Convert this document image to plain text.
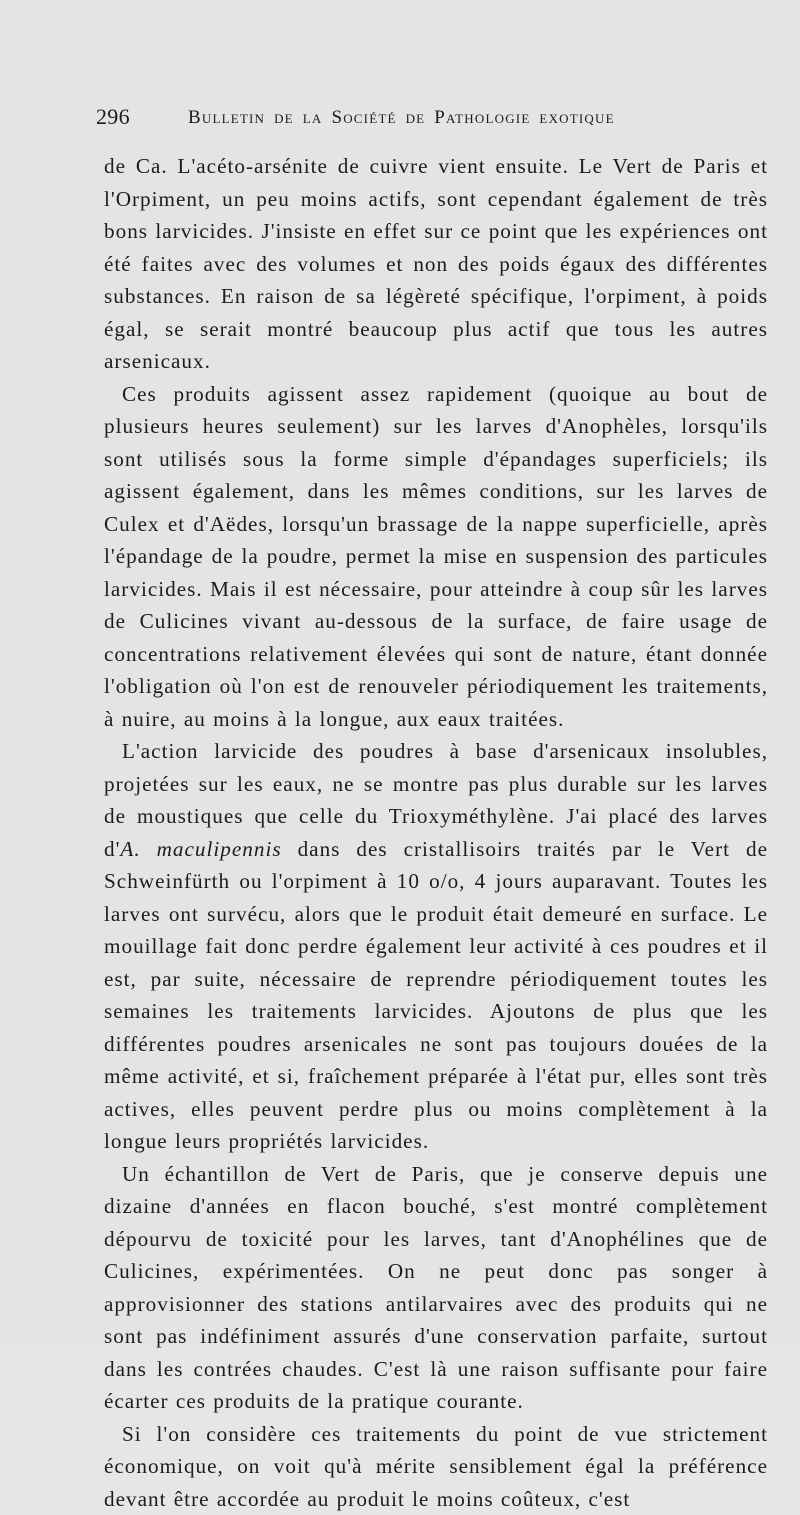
296	Bulletin de la Société de Pathologie exotique

de Ca. L'acéto-arsénite de cuivre vient ensuite. Le Vert de Paris et l'Orpiment, un peu moins actifs, sont cependant également de très bons larvicides. J'insiste en effet sur ce point que les expériences ont été faites avec des volumes et non des poids égaux des différentes substances. En raison de sa légèreté spécifique, l'orpiment, à poids égal, se serait montré beaucoup plus actif que tous les autres arsenicaux.

Ces produits agissent assez rapidement (quoique au bout de plusieurs heures seulement) sur les larves d'Anophèles, lorsqu'ils sont utilisés sous la forme simple d'épandages superficiels; ils agissent également, dans les mêmes conditions, sur les larves de Culex et d'Aëdes, lorsqu'un brassage de la nappe superficielle, après l'épandage de la poudre, permet la mise en suspension des particules larvicides. Mais il est nécessaire, pour atteindre à coup sûr les larves de Culicines vivant au-dessous de la surface, de faire usage de concentrations relativement élevées qui sont de nature, étant donnée l'obligation où l'on est de renouveler périodiquement les traitements, à nuire, au moins à la longue, aux eaux traitées.

L'action larvicide des poudres à base d'arsenicaux insolubles, projetées sur les eaux, ne se montre pas plus durable sur les larves de moustiques que celle du Trioxyméthylène. J'ai placé des larves d'A. maculipennis dans des cristallisoirs traités par le Vert de Schweinfürth ou l'orpiment à 10 o/o, 4 jours auparavant. Toutes les larves ont survécu, alors que le produit était demeuré en surface. Le mouillage fait donc perdre également leur activité à ces poudres et il est, par suite, nécessaire de reprendre périodiquement toutes les semaines les traitements larvicides. Ajoutons de plus que les différentes poudres arsenicales ne sont pas toujours douées de la même activité, et si, fraîchement préparée à l'état pur, elles sont très actives, elles peuvent perdre plus ou moins complètement à la longue leurs propriétés larvicides.

Un échantillon de Vert de Paris, que je conserve depuis une dizaine d'années en flacon bouché, s'est montré complètement dépourvu de toxicité pour les larves, tant d'Anophélines que de Culicines, expérimentées. On ne peut donc pas songer à approvisionner des stations antilarvaires avec des produits qui ne sont pas indéfiniment assurés d'une conservation parfaite, surtout dans les contrées chaudes. C'est là une raison suffisante pour faire écarter ces produits de la pratique courante.

Si l'on considère ces traitements du point de vue strictement économique, on voit qu'à mérite sensiblement égal la préférence devant être accordée au produit le moins coûteux, c'est
